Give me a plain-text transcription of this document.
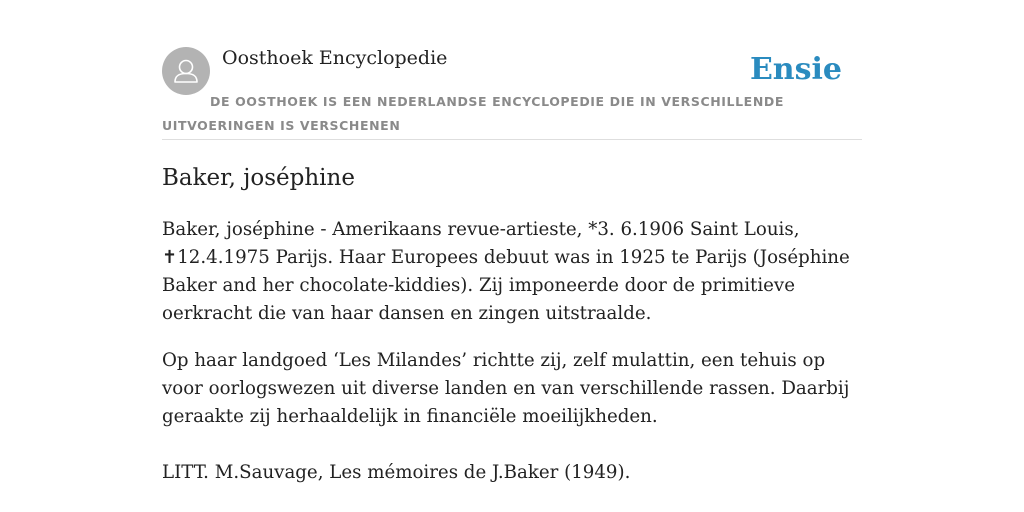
Oosthoek Encyclopedie	Ensie
DE OOSTHOEK IS EEN NEDERLANDSE ENCYCLOPEDIE DIE IN VERSCHILLENDE UITVOERINGEN IS VERSCHENEN
Baker, joséphine

Baker, joséphine - Amerikaans revue-artieste, *3. 6.1906 Saint Louis, ✝12.4.1975 Parijs. Haar Europees debuut was in 1925 te Parijs (Joséphine Baker and her chocolate-kiddies). Zij imponeerde door de primitieve oerkracht die van haar dansen en zingen uitstraalde.

Op haar landgoed ‘Les Milandes’ richtte zij, zelf mulattin, een tehuis op voor oorlogswezen uit diverse landen en van verschillende rassen. Daarbij geraakte zij herhaaldelijk in financiële moeilijkheden.

LITT. M.Sauvage, Les mémoires de J.Baker (1949).
